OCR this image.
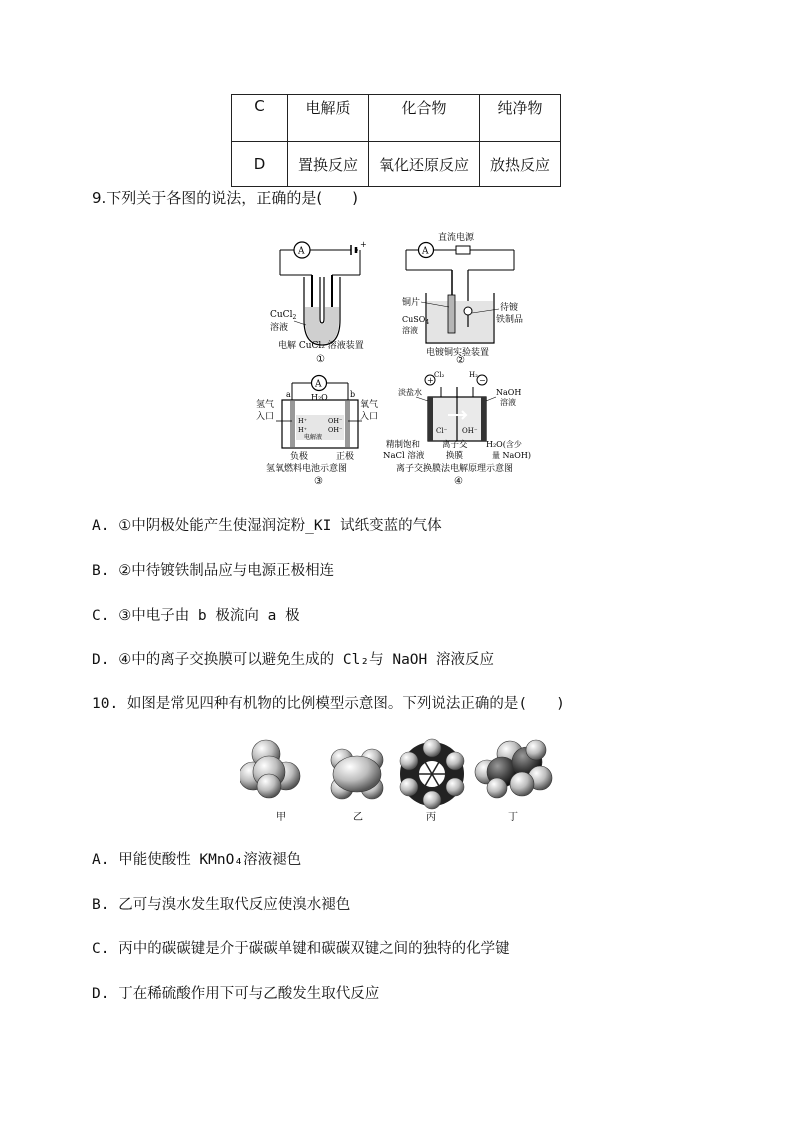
C	电解质	化合物	纯净物
D	置换反应	氧化还原反应	放热反应
9.下列关于各图的说法，正确的是(　　)
A
+
CuCl$_2$
溶液
电解 CuCl₂ 溶液装置
①
直流电源
A
铜片
CuSO$_4$
溶液
待镀
铁制品
电镀铜实验装置
②
A
a	b
H₂O
H⁺
H⁺
OH⁻
OH⁻
电解液
氢气
入口
氧气
入口
负极	正极
氢氧燃料电池示意图
③
+	−
Cl₂	H₂
Cl⁻ OH⁻
淡盐水	NaOH
溶液
精制饱和
NaCl 溶液
离子交
换膜
H₂O(含少
量 NaOH)
离子交换膜法电解原理示意图
④
A. ①中阴极处能产生使湿润淀粉_KI 试纸变蓝的气体
B. ②中待镀铁制品应与电源正极相连
C. ③中电子由 b 极流向 a 极
D. ④中的离子交换膜可以避免生成的 Cl₂与 NaOH 溶液反应
10. 如图是常见四种有机物的比例模型示意图。下列说法正确的是(　　)
甲	乙	丙	丁
A. 甲能使酸性 KMnO₄溶液褪色
B. 乙可与溴水发生取代反应使溴水褪色
C. 丙中的碳碳键是介于碳碳单键和碳碳双键之间的独特的化学键
D. 丁在稀硫酸作用下可与乙酸发生取代反应
